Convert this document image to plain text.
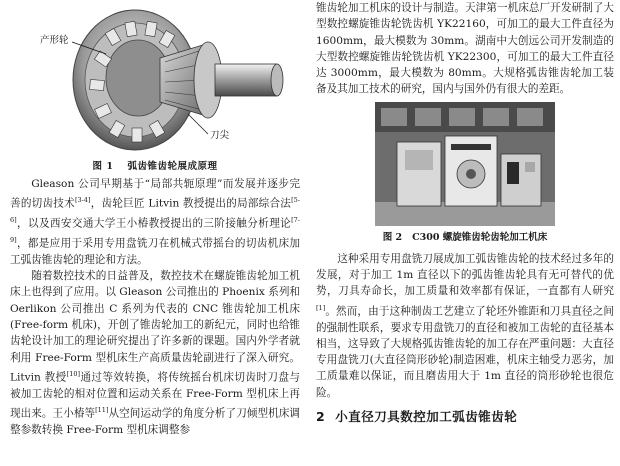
产形轮
刀尖
图 1 弧齿锥齿轮展成原理

Gleason 公司早期基于“局部共轭原理”而发展并逐步完善的切齿技术[3-4]，齿轮巨匠 Litvin 教授提出的局部综合法[5-6]，以及西安交通大学王小椿教授提出的三阶接触分析理论[7-9]，都是应用于采用专用盘铣刀在机械式带摇台的切齿机床加工弧齿锥齿轮的理论和方法。

随着数控技术的日益普及，数控技术在螺旋锥齿轮加工机床上也得到了应用。以 Gleason 公司推出的 Phoenix 系列和 Oerlikon 公司推出 C 系列为代表的 CNC 锥齿轮加工机床(Free-form 机床)，开创了锥齿轮加工的新纪元，同时也给锥齿轮设计加工的理论研究提出了许多新的课题。国内外学者就利用 Free-Form 型机床生产高质量齿轮副进行了深入研究。Litvin 教授[10]通过等效转换，将传统摇台机床切齿时刀盘与被加工齿轮的相对位置和运动关系在 Free-Form 型机床上再现出来。王小椿等[11]从空间运动学的角度分析了刀倾型机床调整参数转换 Free-Form 型机床调整参

锥齿轮加工机床的设计与制造。天津第一机床总厂开发研制了大型数控螺旋锥齿轮铣齿机 YK22160，可加工的最大工件直径为 1600mm，最大模数为 30mm。湖南中大创远公司开发制造的大型数控螺旋锥齿轮铣齿机 YK22300，可加工的最大工件直径达 3000mm，最大模数为 80mm。大规格弧齿锥齿轮加工装备及其加工技术的研究，国内与国外仍有很大的差距。

图 2 C300 螺旋锥齿轮齿轮加工机床

这种采用专用盘铣刀展成加工弧齿锥齿轮的技术经过多年的发展，对于加工 1m 直径以下的弧齿锥齿轮具有无可替代的优势，刀具寿命长，加工质量和效率都有保证，一直都有人研究[1]。然而，由于这种制齿工艺建立了轮坯外锥距和刀具直径之间的强制性联系，要求专用盘铣刀的直径和被加工齿轮的直径基本相当，这导致了大规格弧齿锥齿轮的加工存在严重问题：大直径专用盘铣刀(大直径筒形砂轮)制造困难，机床主轴受力恶劣，加工质量难以保证，而且磨齿用大于 1m 直径的筒形砂轮也很危险。

2 小直径刀具数控加工弧齿锥齿轮
